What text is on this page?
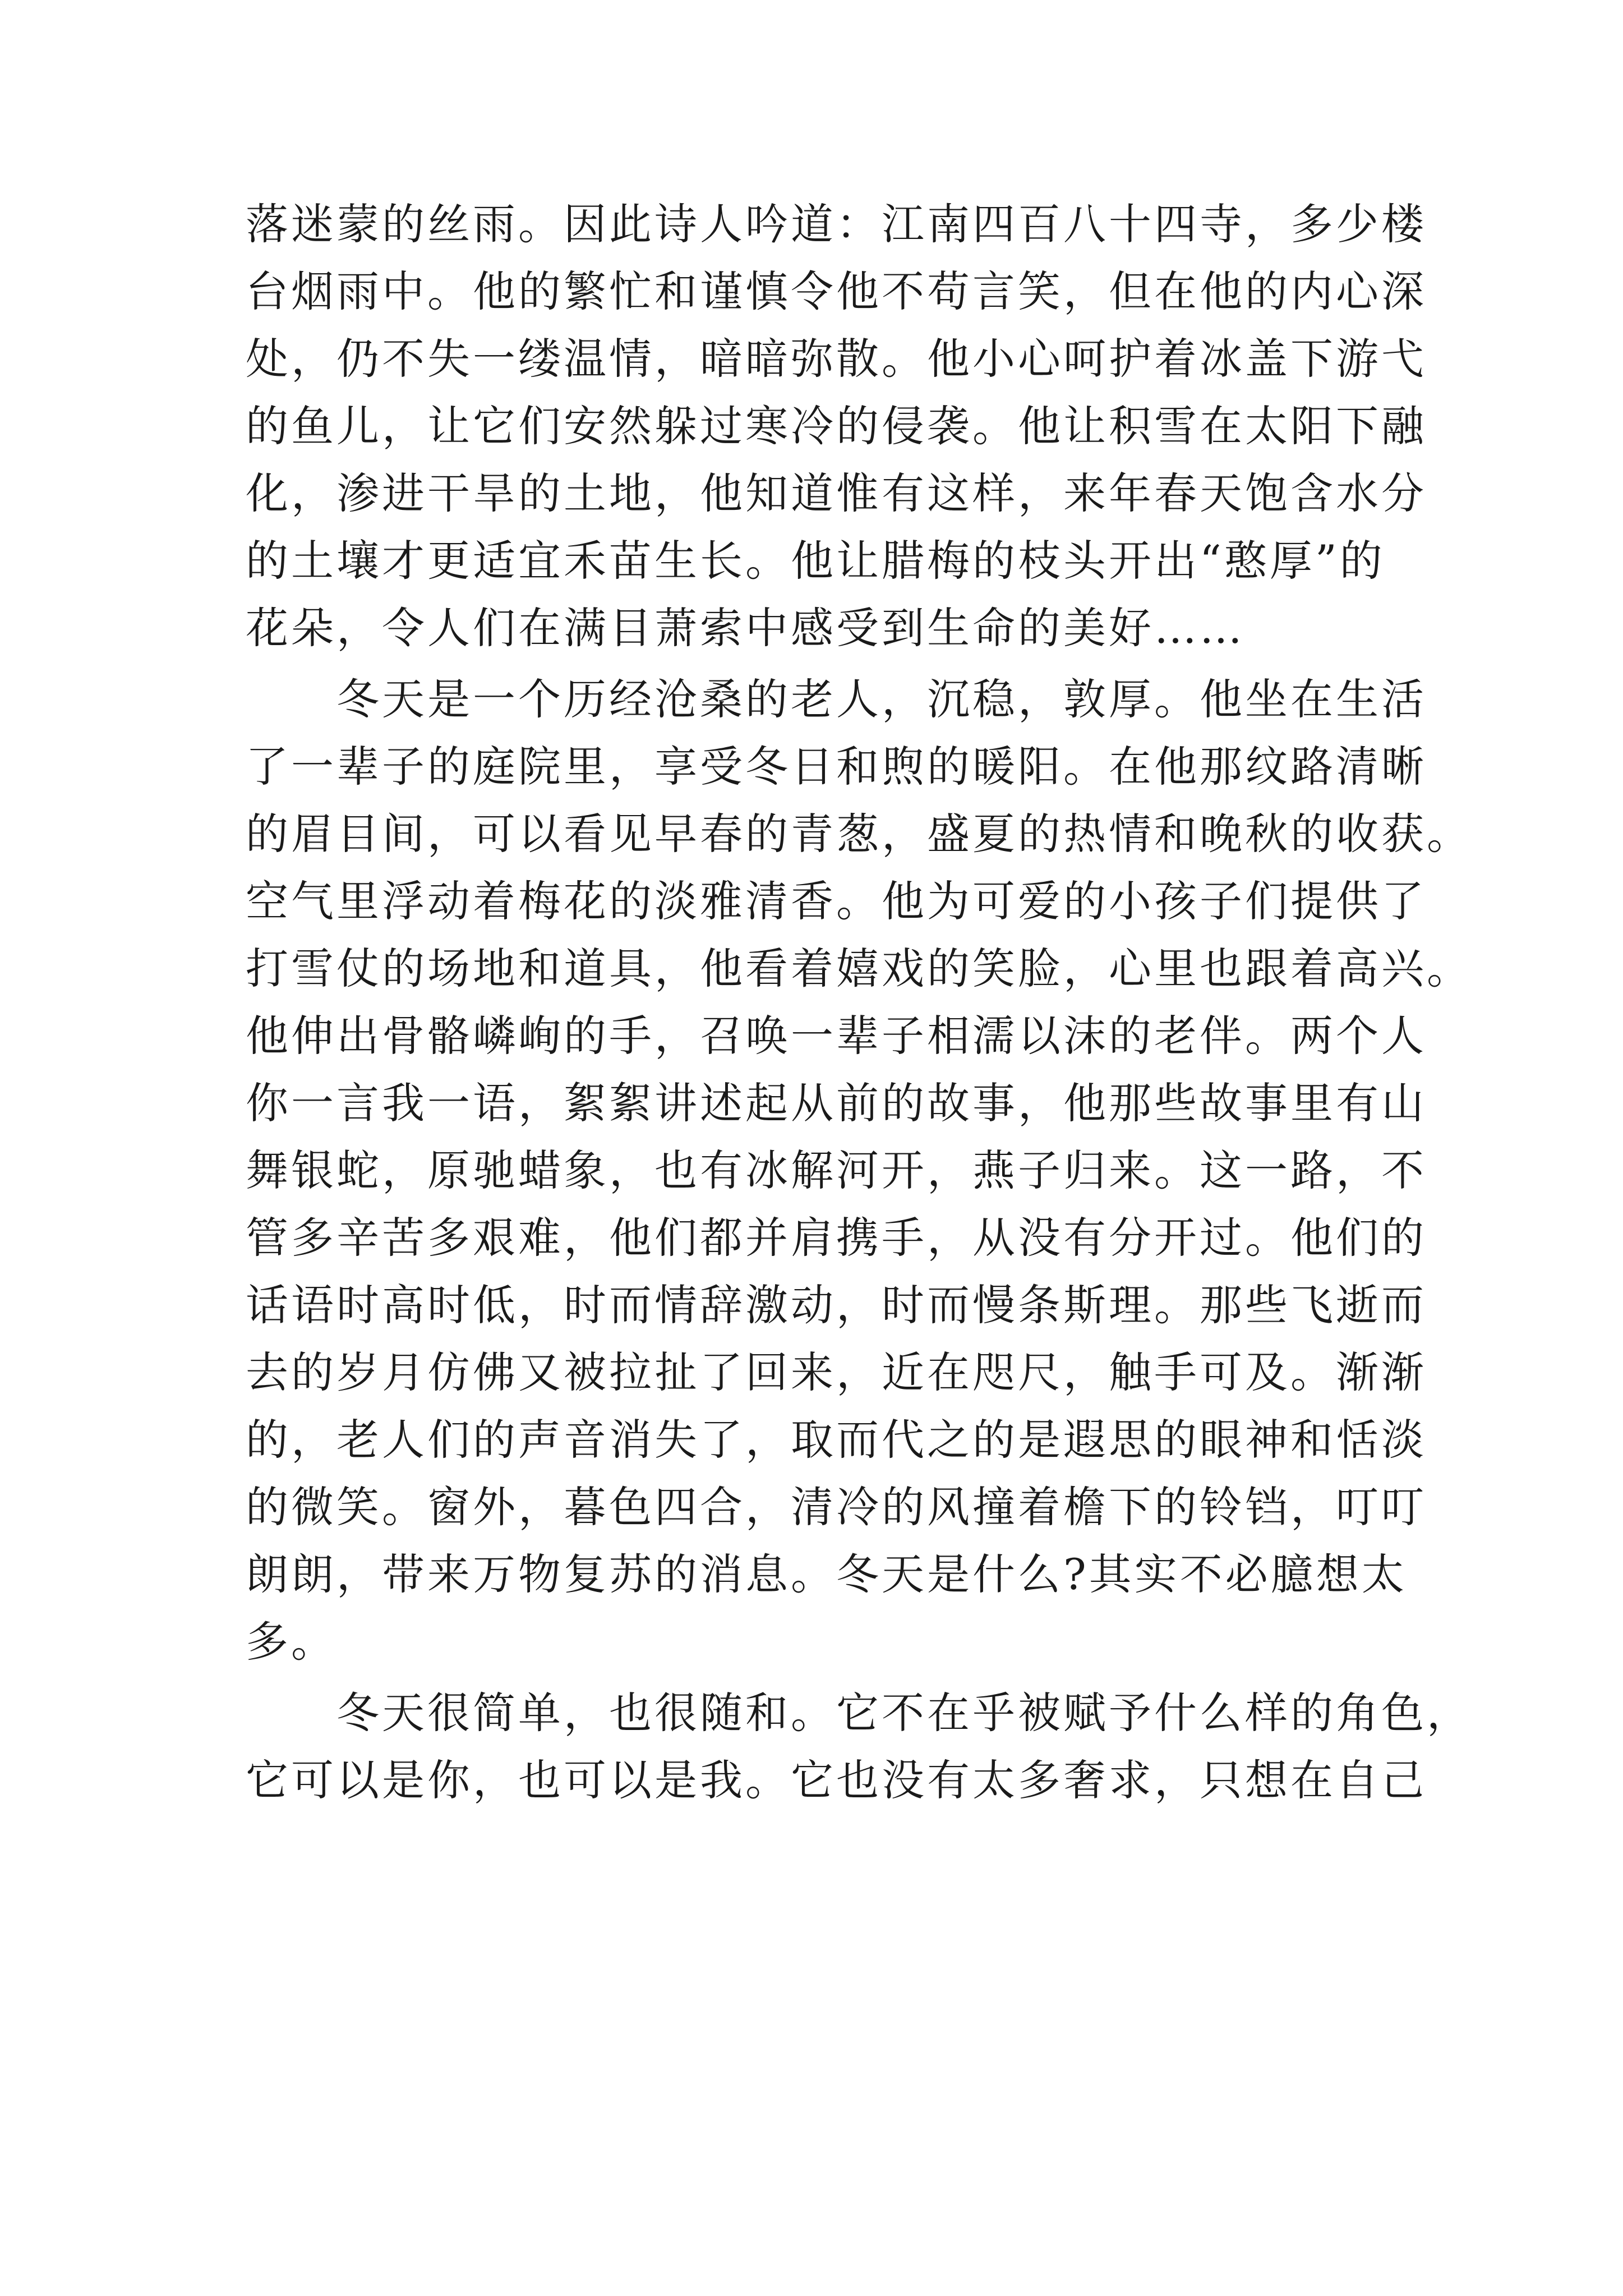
落迷蒙的丝雨。因此诗人吟道：江南四百八十四寺，多少楼
台烟雨中。他的繁忙和谨慎令他不苟言笑，但在他的内心深
处，仍不失一缕温情，暗暗弥散。他小心呵护着冰盖下游弋
的鱼儿，让它们安然躲过寒冷的侵袭。他让积雪在太阳下融
化，渗进干旱的土地，他知道惟有这样，来年春天饱含水分
的土壤才更适宜禾苗生长。他让腊梅的枝头开出“憨厚”的
花朵，令人们在满目萧索中感受到生命的美好……
冬天是一个历经沧桑的老人，沉稳，敦厚。他坐在生活
了一辈子的庭院里，享受冬日和煦的暖阳。在他那纹路清晰
的眉目间，可以看见早春的青葱，盛夏的热情和晚秋的收获。
空气里浮动着梅花的淡雅清香。他为可爱的小孩子们提供了
打雪仗的场地和道具，他看着嬉戏的笑脸，心里也跟着高兴。
他伸出骨骼嶙峋的手，召唤一辈子相濡以沫的老伴。两个人
你一言我一语，絮絮讲述起从前的故事，他那些故事里有山
舞银蛇，原驰蜡象，也有冰解河开，燕子归来。这一路，不
管多辛苦多艰难，他们都并肩携手，从没有分开过。他们的
话语时高时低，时而情辞激动，时而慢条斯理。那些飞逝而
去的岁月仿佛又被拉扯了回来，近在咫尺，触手可及。渐渐
的，老人们的声音消失了，取而代之的是遐思的眼神和恬淡
的微笑。窗外，暮色四合，清冷的风撞着檐下的铃铛，叮叮
朗朗，带来万物复苏的消息。冬天是什么?其实不必臆想太
多。
冬天很简单，也很随和。它不在乎被赋予什么样的角色，
它可以是你，也可以是我。它也没有太多奢求，只想在自己
